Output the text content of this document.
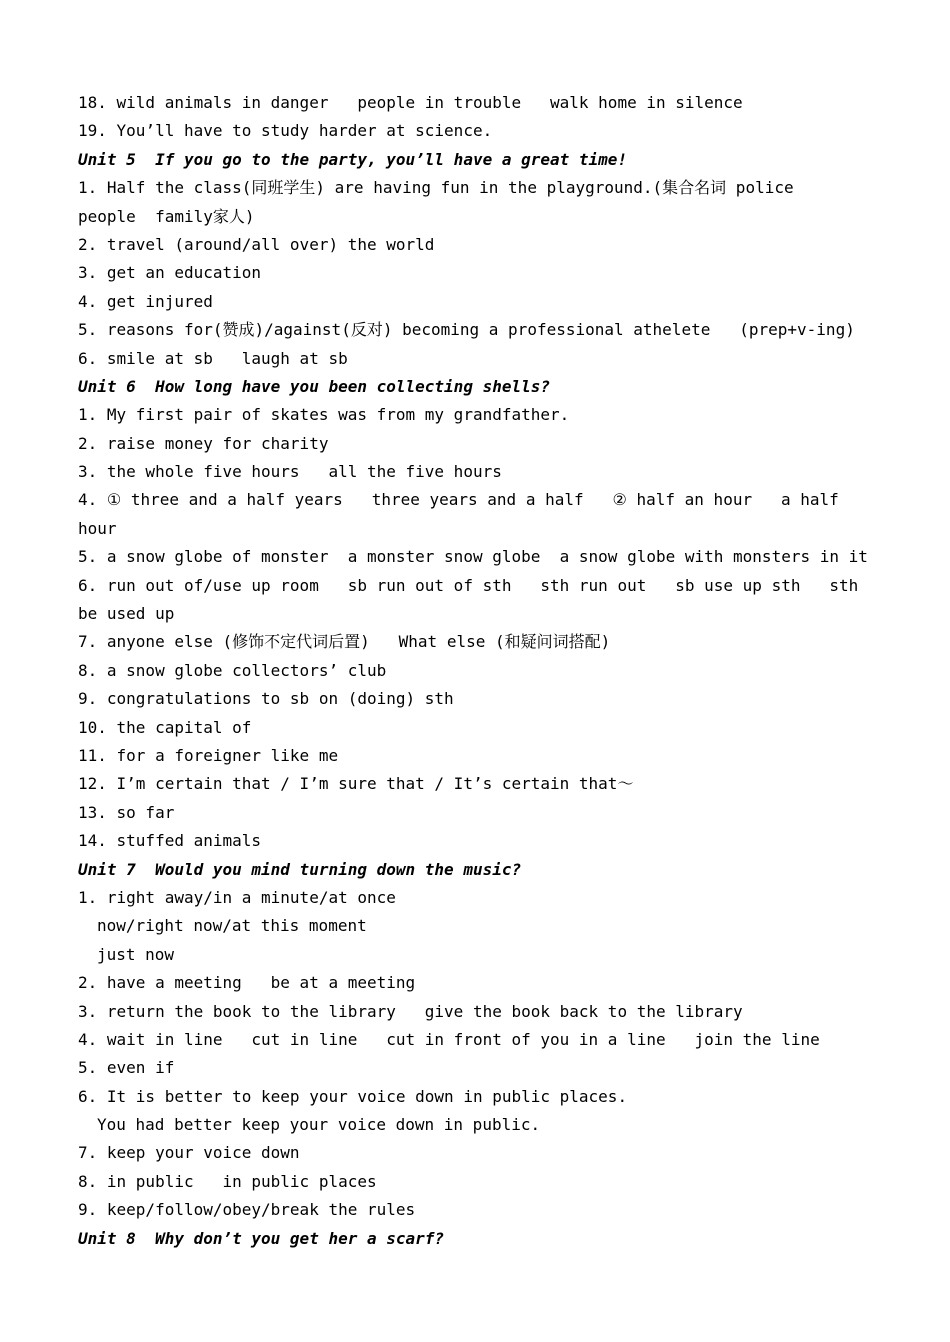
18. wild animals in danger   people in trouble   walk home in silence
19. You’ll have to study harder at science.
Unit 5  If you go to the party, you’ll have a great time!
1. Half the class(同班学生) are having fun in the playground.(集合名词 police
people  family家人)
2. travel (around/all over) the world
3. get an education
4. get injured
5. reasons for(赞成)/against(反对) becoming a professional athelete   (prep+v-ing)
6. smile at sb   laugh at sb
Unit 6  How long have you been collecting shells?
1. My first pair of skates was from my grandfather.
2. raise money for charity
3. the whole five hours   all the five hours
4. ① three and a half years   three years and a half   ② half an hour   a half
hour
5. a snow globe of monster  a monster snow globe  a snow globe with monsters in it
6. run out of/use up room   sb run out of sth   sth run out   sb use up sth   sth
be used up
7. anyone else (修饰不定代词后置)   What else (和疑问词搭配)
8. a snow globe collectors’ club
9. congratulations to sb on (doing) sth
10. the capital of
11. for a foreigner like me
12. I’m certain that / I’m sure that / It’s certain that～
13. so far
14. stuffed animals
Unit 7  Would you mind turning down the music?
1. right away/in a minute/at once
now/right now/at this moment
just now
2. have a meeting   be at a meeting
3. return the book to the library   give the book back to the library
4. wait in line   cut in line   cut in front of you in a line   join the line
5. even if
6. It is better to keep your voice down in public places.
You had better keep your voice down in public.
7. keep your voice down
8. in public   in public places
9. keep/follow/obey/break the rules
Unit 8  Why don’t you get her a scarf?
